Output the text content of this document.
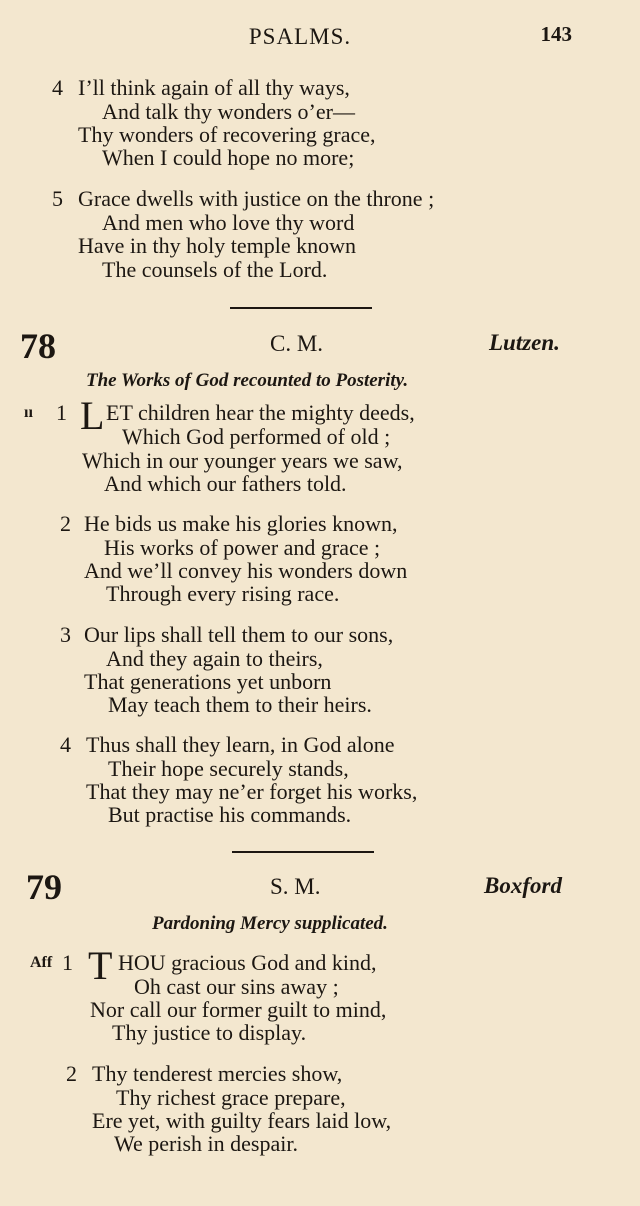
PSALMS.	143
4 I’ll think again of all thy ways,
And talk thy wonders o’er—
Thy wonders of recovering grace,
When I could hope no more;
5 Grace dwells with justice on the throne ;
And men who love thy word
Have in thy holy temple known
The counsels of the Lord.
78	C. M.	Lutzen.
The Works of God recounted to Posterity.
ıı 1 L ET children hear the mighty deeds,
Which God performed of old ;
Which in our younger years we saw,
And which our fathers told.
2 He bids us make his glories known,
His works of power and grace ;
And we’ll convey his wonders down
Through every rising race.
3 Our lips shall tell them to our sons,
And they again to theirs,
That generations yet unborn
May teach them to their heirs.
4 Thus shall they learn, in God alone
Their hope securely stands,
That they may ne’er forget his works,
But practise his commands.
79	S. M.	Boxford
Pardoning Mercy supplicated.
Aff 1 T HOU gracious God and kind,
Oh cast our sins away ;
Nor call our former guilt to mind,
Thy justice to display.
2 Thy tenderest mercies show,
Thy richest grace prepare,
Ere yet, with guilty fears laid low,
We perish in despair.
